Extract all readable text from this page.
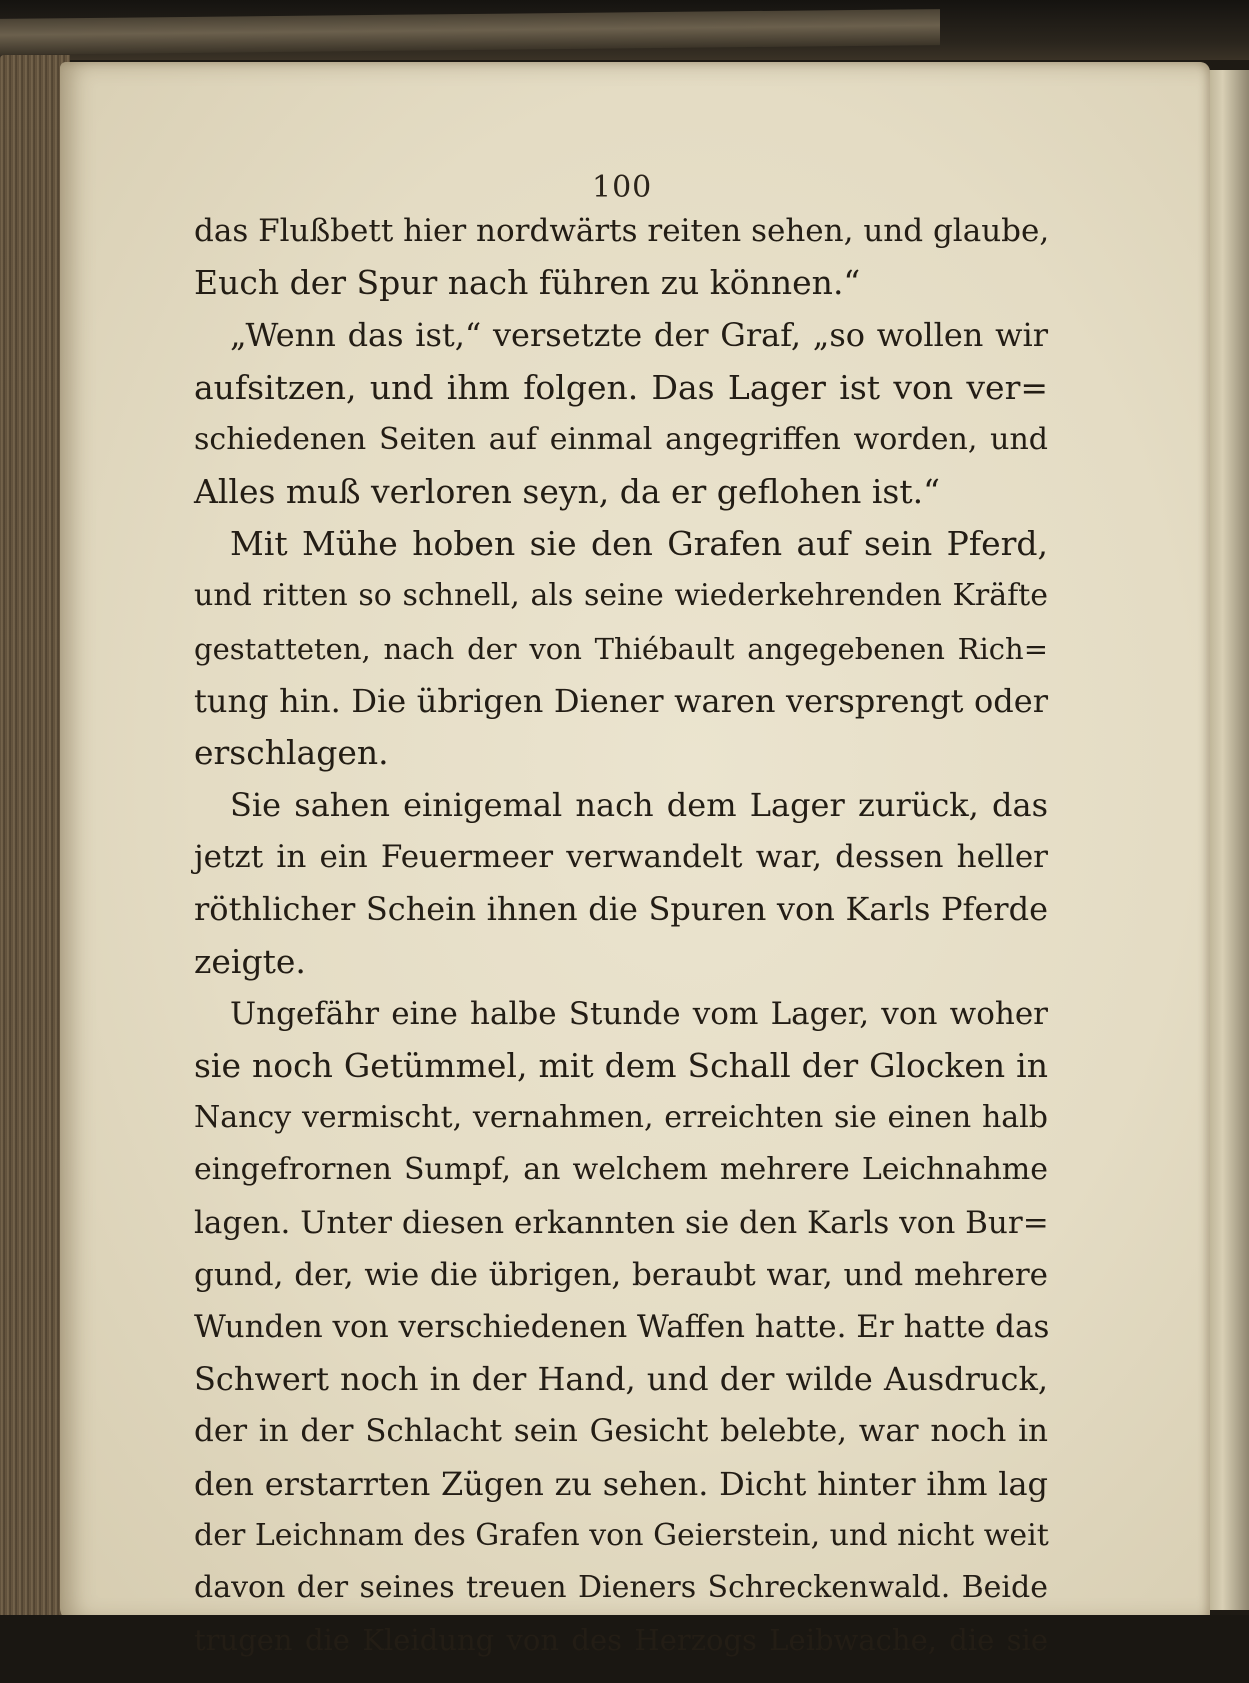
100
das Flußbett hier nordwärts reiten sehen, und glaube,
Euch der Spur nach führen zu können.“
„Wenn das ist,“ versetzte der Graf, „so wollen wir
aufsitzen, und ihm folgen. Das Lager ist von ver=
schiedenen Seiten auf einmal angegriffen worden, und
Alles muß verloren seyn, da er geflohen ist.“
Mit Mühe hoben sie den Grafen auf sein Pferd,
und ritten so schnell, als seine wiederkehrenden Kräfte
gestatteten, nach der von Thiébault angegebenen Rich=
tung hin. Die übrigen Diener waren versprengt oder
erschlagen.
Sie sahen einigemal nach dem Lager zurück, das
jetzt in ein Feuermeer verwandelt war, dessen heller
röthlicher Schein ihnen die Spuren von Karls Pferde
zeigte.
Ungefähr eine halbe Stunde vom Lager, von woher
sie noch Getümmel, mit dem Schall der Glocken in
Nancy vermischt, vernahmen, erreichten sie einen halb
eingefrornen Sumpf, an welchem mehrere Leichnahme
lagen. Unter diesen erkannten sie den Karls von Bur=
gund, der, wie die übrigen, beraubt war, und mehrere
Wunden von verschiedenen Waffen hatte. Er hatte das
Schwert noch in der Hand, und der wilde Ausdruck,
der in der Schlacht sein Gesicht belebte, war noch in
den erstarrten Zügen zu sehen. Dicht hinter ihm lag
der Leichnam des Grafen von Geierstein, und nicht weit
davon der seines treuen Dieners Schreckenwald. Beide
trugen die Kleidung von des Herzogs Leibwache, die sie
